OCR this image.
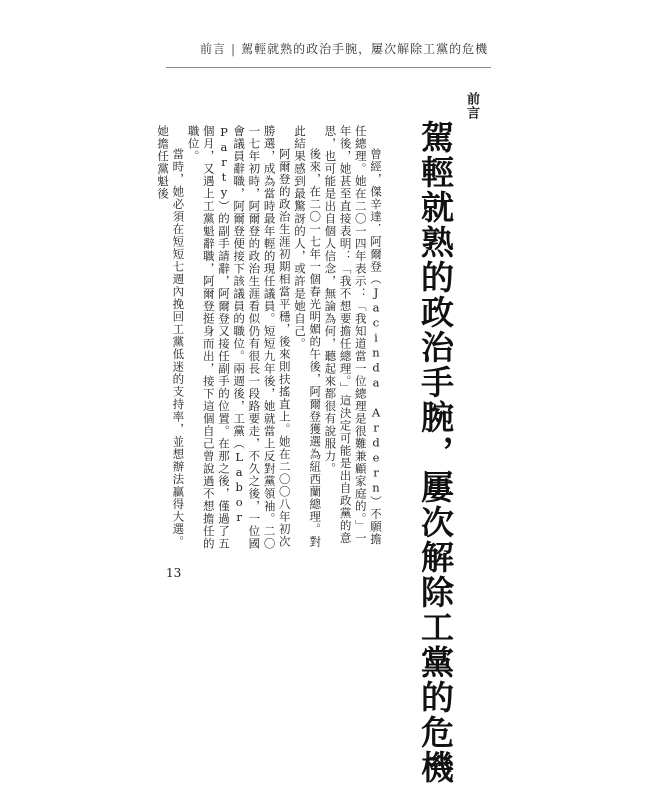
前言 | 駕輕就熟的政治手腕，屢次解除工黨的危機
前言
駕輕就熟的政治手腕，屢次解除工黨的危機

曾經，傑辛達．阿爾登（Jacinda Ardern）不願擔任總理。她在二〇一四年表示：「我知道當一位總理是很難兼顧家庭的。」一年後，她甚至直接表明：「我不想要擔任總理。」這決定可能是出自政黨的意思，也可能是出自個人信念，無論為何，聽起來都很有說服力。

後來，在二〇一七年一個春光明媚的午後，阿爾登獲選為紐西蘭總理。對此結果感到最驚訝的人，或許是她自己。

阿爾登的政治生涯初期相當平穩，後來則扶搖直上。她在二〇〇八年初次勝選，成為當時最年輕的現任議員。短短九年後，她就當上反對黨領袖。二〇一七年初時，阿爾登的政治生涯看似仍有很長一段路要走，不久之後，一位國會議員辭職，阿爾登便接下該議員的職位。兩週後，工黨（Labor Party）的副手請辭，阿爾登又接任副手的位置。在那之後，僅過了五個月，又遇上工黨魁辭職，阿爾登挺身而出，接下這個自己曾說過不想擔任的職位。

當時，她必須在短短七週內挽回工黨低迷的支持率，並想辦法贏得大選。她擔任黨魁後

13
